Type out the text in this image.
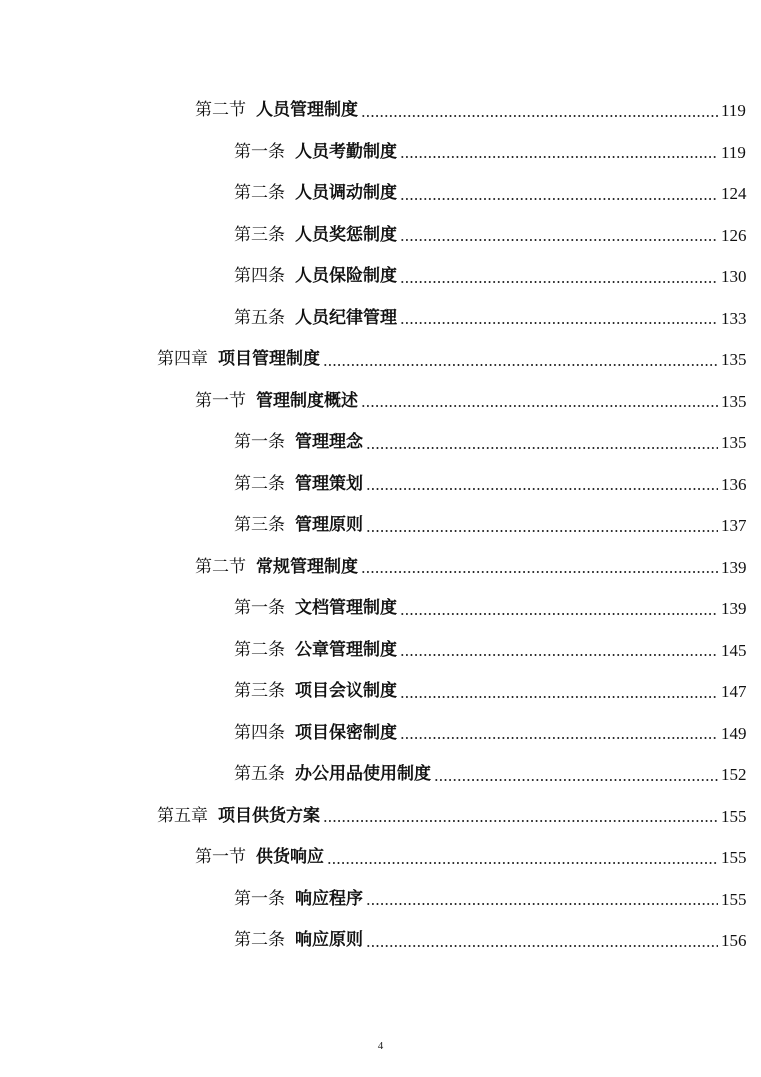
第二节 人员管理制度	119
第一条 人员考勤制度	119
第二条 人员调动制度	124
第三条 人员奖惩制度	126
第四条 人员保险制度	130
第五条 人员纪律管理	133
第四章 项目管理制度	135
第一节 管理制度概述	135
第一条 管理理念	135
第二条 管理策划	136
第三条 管理原则	137
第二节 常规管理制度	139
第一条 文档管理制度	139
第二条 公章管理制度	145
第三条 项目会议制度	147
第四条 项目保密制度	149
第五条 办公用品使用制度	152
第五章 项目供货方案	155
第一节 供货响应	155
第一条 响应程序	155
第二条 响应原则	156
4
